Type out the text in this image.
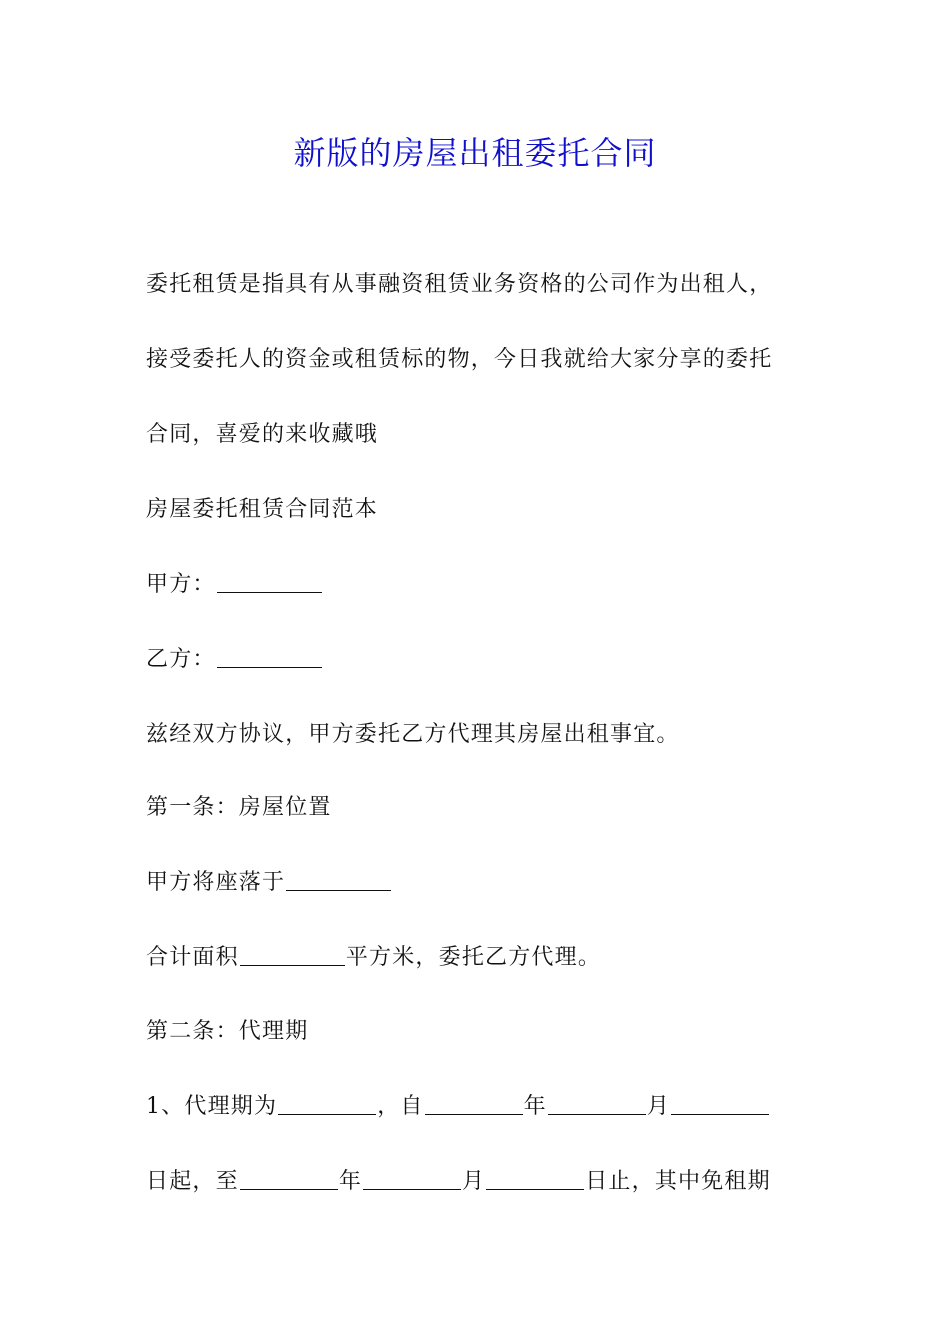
新版的房屋出租委托合同
委托租赁是指具有从事融资租赁业务资格的公司作为出租人，
接受委托人的资金或租赁标的物，今日我就给大家分享的委托
合同，喜爱的来收藏哦
房屋委托租赁合同范本
甲方：
乙方：
兹经双方协议，甲方委托乙方代理其房屋出租事宜。
第一条：房屋位置
甲方将座落于
合计面积	平方米，委托乙方代理。
第二条：代理期
1、代理期为	，自	年	月
日起，至	年	月	日止，其中免租期
